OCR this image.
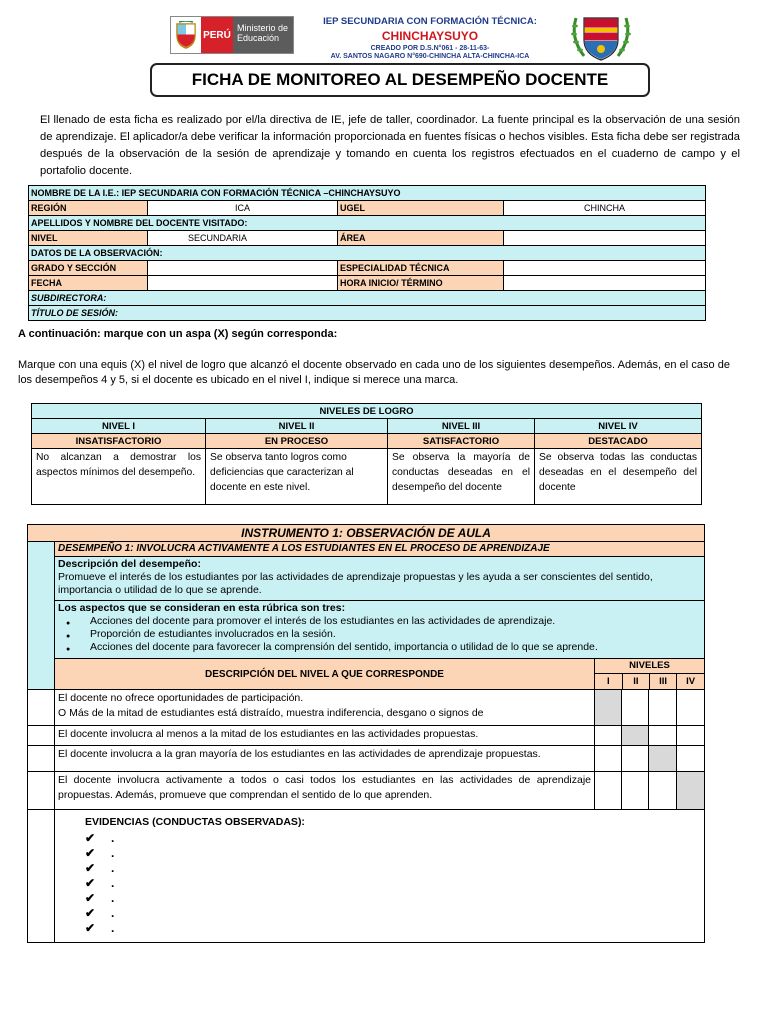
PERÚ
Ministerio de Educación
IEP SECUNDARIA CON FORMACIÓN TÉCNICA:
CHINCHAYSUYO
CREADO POR D.S.N°061 - 28-11-63-
AV. SANTOS NAGARO N°690-CHINCHA ALTA-CHINCHA-ICA
FICHA DE MONITOREO AL DESEMPEÑO DOCENTE

El llenado de esta ficha es realizado por el/la directiva de IE, jefe de taller, coordinador. La fuente principal es la observación de una sesión de aprendizaje. El aplicador/a debe verificar la información proporcionada en fuentes físicas o hechos visibles. Esta ficha debe ser registrada después de la observación de la sesión de aprendizaje y tomando en cuenta los registros efectuados en el cuaderno de campo y el portafolio docente.

NOMBRE DE LA I.E.: IEP SECUNDARIA CON FORMACIÓN TÉCNICA –CHINCHAYSUYO			
REGIÓN	ICA	UGEL	CHINCHA
APELLIDOS Y NOMBRE DEL DOCENTE VISITADO:			
NIVEL	SECUNDARIA	ÁREA	
DATOS DE LA OBSERVACIÓN:			
GRADO Y SECCIÓN		ESPECIALIDAD TÉCNICA	
FECHA		HORA INICIO/ TÉRMINO	
SUBDIRECTORA:			
TÍTULO DE SESIÓN:			
A continuación: marque con un aspa (X) según corresponda:

Marque con una equis (X) el nivel de logro que alcanzó el docente observado en cada uno de los siguientes desempeños. Además, en el caso de los desempeños 4 y 5, si el docente es ubicado en el nivel I, indique si merece una marca.

NIVELES DE LOGRO			
NIVEL I	NIVEL II	NIVEL III	NIVEL IV
INSATISFACTORIO	EN PROCESO	SATISFACTORIO	DESTACADO
No alcanzan a demostrar los aspectos mínimos del desempeño.	Se observa tanto logros como deficiencias que caracterizan al docente en este nivel.	Se observa la mayoría de conductas deseadas en el desempeño del docente	Se observa todas las conductas deseadas en el desempeño del docente
INSTRUMENTO 1: OBSERVACIÓN DE AULA
	DESEMPEÑO 1: INVOLUCRA ACTIVAMENTE A LOS ESTUDIANTES EN EL PROCESO DE APRENDIZAJE

Descripción del desempeño:
Promueve el interés de los estudiantes por las actividades de aprendizaje propuestas y les ayuda a ser conscientes del sentido, importancia o utilidad de lo que se aprende.

Los aspectos que se consideran en esta rúbrica son tres:
● Acciones del docente para promover el interés de los estudiantes en las actividades de aprendizaje.
● Proporción de estudiantes involucrados en la sesión.
● Acciones del docente para favorecer la comprensión del sentido, importancia o utilidad de lo que se aprende.

DESCRIPCIÓN DEL NIVEL A QUE CORRESPONDE	
NIVELES
I	II	III	IV

	El docente no ofrece oportunidades de participación.
O Más de la mitad de estudiantes está distraído, muestra indiferencia, desgano o signos de				
	El docente involucra al menos a la mitad de los estudiantes en las actividades propuestas.				
	El docente involucra a la gran mayoría de los estudiantes en las actividades de aprendizaje propuestas.				
	El docente involucra activamente a todos o casi todos los estudiantes en las actividades de aprendizaje propuestas. Además, promueve que comprendan el sentido de lo que aprenden.				

EVIDENCIAS (CONDUCTAS OBSERVADAS):
✔	.
✔	.
✔	.
✔	.
✔	.
✔	.
✔	.
